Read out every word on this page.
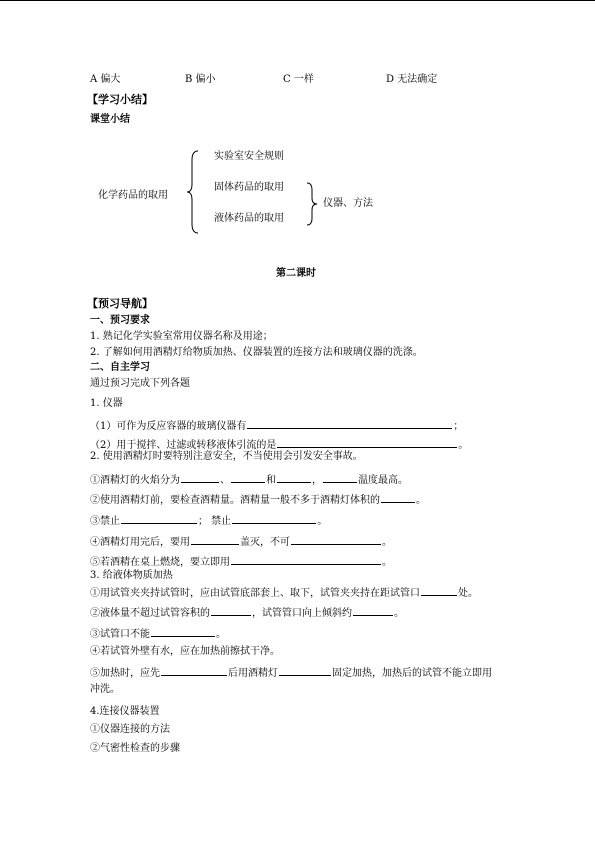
A 偏大	B 偏小	C 一样	D 无法确定
【学习小结】
课堂小结
化学药品的取用
实验室安全规则
固体药品的取用
液体药品的取用
仪器、方法
第二课时
【预习导航】
一、预习要求
1. 熟记化学实验室常用仪器名称及用途；
2. 了解如何用酒精灯给物质加热、仪器装置的连接方法和玻璃仪器的洗涤。
二、自主学习
通过预习完成下列各题
1. 仪器
（1）可作为反应容器的玻璃仪器有	；
（2）用于搅拌、过滤或转移液体引流的是	。
2. 使用酒精灯时要特别注意安全，不当使用会引发安全事故。
①酒精灯的火焰分为	、	和	，	温度最高。
②使用酒精灯前，要检查酒精量。酒精量一般不多于酒精灯体积的	。
③禁止	； 禁止	。
④酒精灯用完后，要用	盖灭，不可	。
⑤若酒精在桌上燃烧，要立即用	。
3. 给液体物质加热
①用试管夹夹持试管时，应由试管底部套上、取下，试管夹夹持在距试管口	处。
②液体量不超过试管容积的	，试管管口向上倾斜约	。
③试管口不能	。
④若试管外壁有水，应在加热前擦拭干净。
⑤加热时，应先	后用酒精灯	固定加热，加热后的试管不能立即用
冲洗。
4.连接仪器装置
①仪器连接的方法
②气密性检查的步骤
